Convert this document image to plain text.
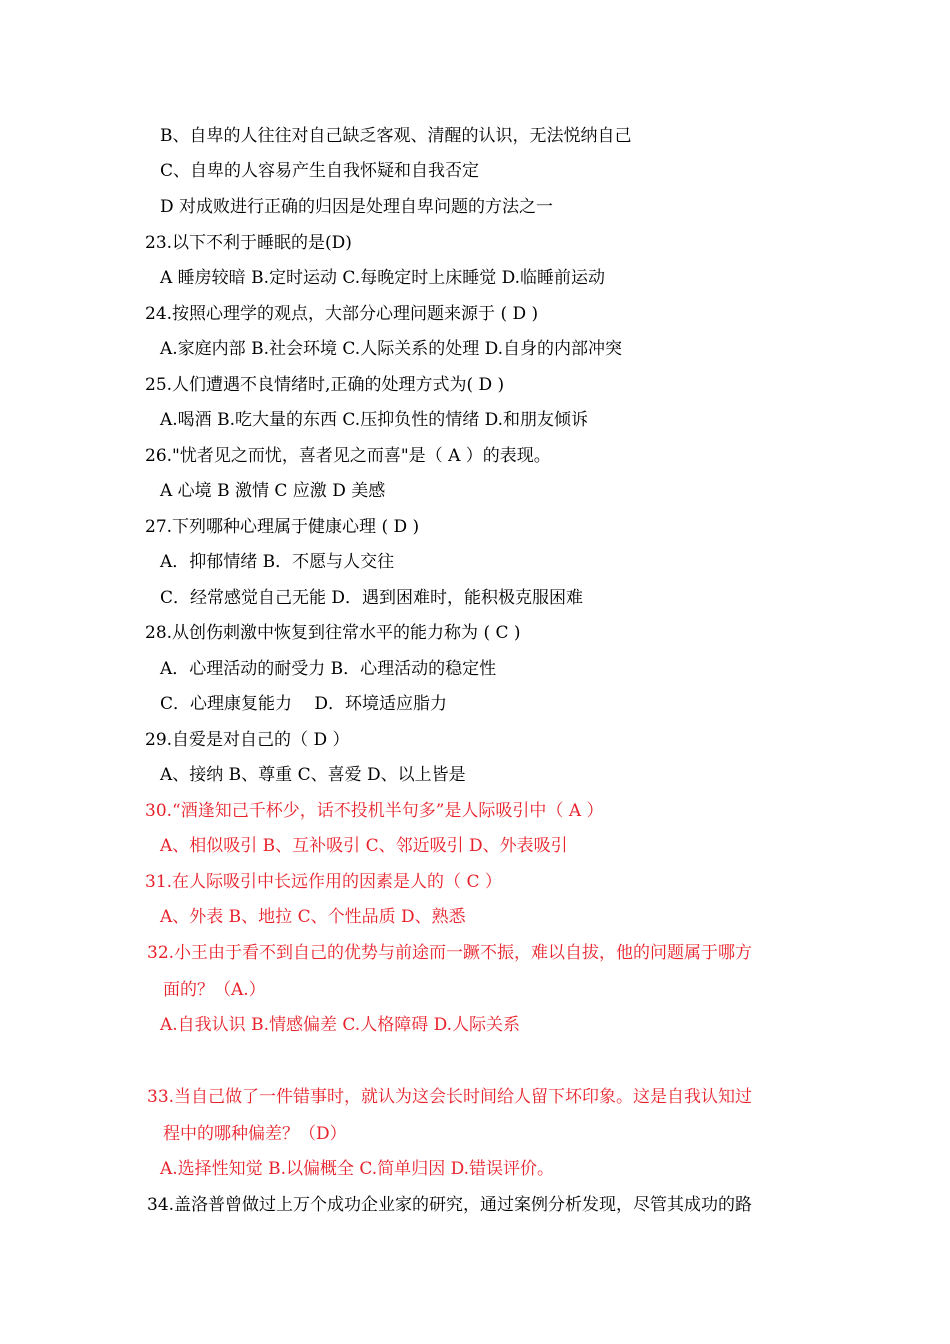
B、自卑的人往往对自己缺乏客观、清醒的认识，无法悦纳自己
C、自卑的人容易产生自我怀疑和自我否定
D 对成败进行正确的归因是处理自卑问题的方法之一
23.以下不利于睡眠的是(D)
A 睡房较暗 B.定时运动 C.每晚定时上床睡觉 D.临睡前运动
24.按照心理学的观点，大部分心理问题来源于 ( D )
A.家庭内部 B.社会环境 C.人际关系的处理 D.自身的内部冲突
25.人们遭遇不良情绪时,正确的处理方式为( D )
A.喝酒 B.吃大量的东西 C.压抑负性的情绪 D.和朋友倾诉
26."忧者见之而忧，喜者见之而喜"是（ A ）的表现。
A 心境 B 激情 C 应激 D 美感
27.下列哪种心理属于健康心理 ( D )
A．抑郁情绪 B．不愿与人交往
C．经常感觉自己无能 D．遇到困难时，能积极克服困难
28.从创伤刺激中恢复到往常水平的能力称为 ( C )
A．心理活动的耐受力 B．心理活动的稳定性
C．心理康复能力　 D．环境适应脂力
29.自爱是对自己的（ D ）
A、接纳 B、尊重 C、喜爱 D、以上皆是
30.“酒逢知己千杯少，话不投机半句多”是人际吸引中（ A ）
A、相似吸引 B、互补吸引 C、邻近吸引 D、外表吸引
31.在人际吸引中长远作用的因素是人的（ C ）
A、外表 B、地拉 C、个性品质 D、熟悉
32.小王由于看不到自己的优势与前途而一蹶不振，难以自拔，他的问题属于哪方
面的？（A.）
A.自我认识 B.情感偏差 C.人格障碍 D.人际关系
33.当自己做了一件错事时，就认为这会长时间给人留下坏印象。这是自我认知过
程中的哪种偏差？（D）
A.选择性知觉 B.以偏概全 C.简单归因 D.错误评价。
34.盖洛普曾做过上万个成功企业家的研究，通过案例分析发现，尽管其成功的路
